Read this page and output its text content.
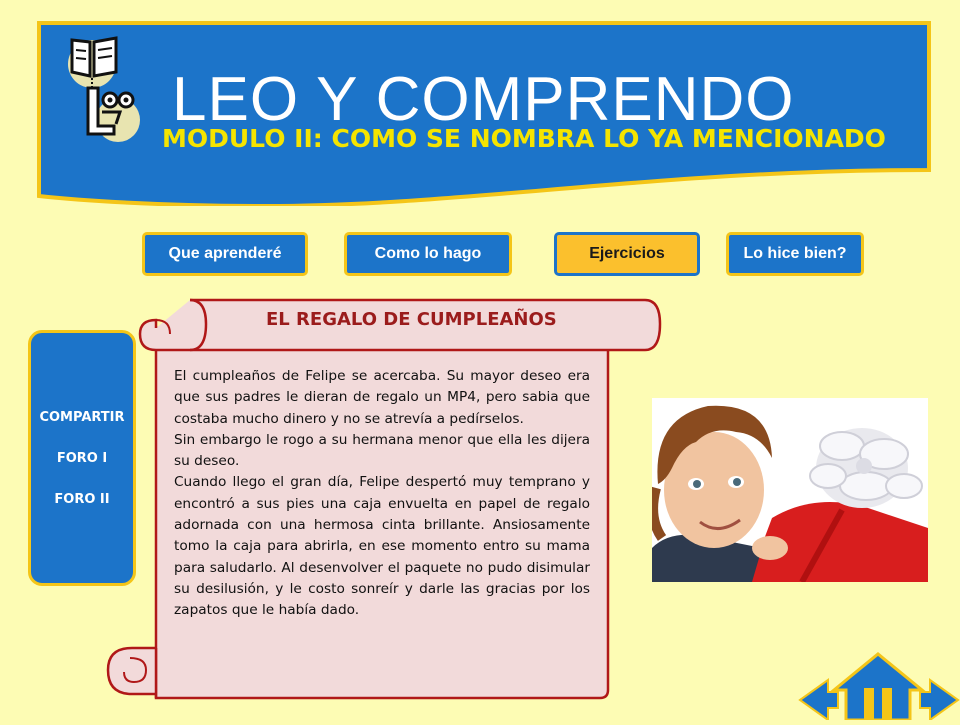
LEO Y COMPRENDO
MODULO II: COMO SE NOMBRA LO YA MENCIONADO
Que aprenderé	Como lo hago	Ejercicios	Lo hice bien?
COMPARTIR
FORO I
FORO II
EL REGALO DE CUMPLEAÑOS

El cumpleaños de Felipe se acercaba. Su mayor deseo era que sus padres le dieran de regalo un MP4, pero sabia que costaba mucho dinero y no se atrevía a pedírselos.

Sin embargo le rogo a su hermana menor que ella les dijera su deseo.

Cuando llego el gran día, Felipe despertó muy temprano y encontró a sus pies una caja envuelta en papel de regalo adornada con una hermosa cinta brillante. Ansiosamente tomo la caja para abrirla, en ese momento entro su mama para saludarlo. Al desenvolver el paquete no pudo disimular su desilusión, y le costo sonreír y darle las gracias por los zapatos que le había dado.
